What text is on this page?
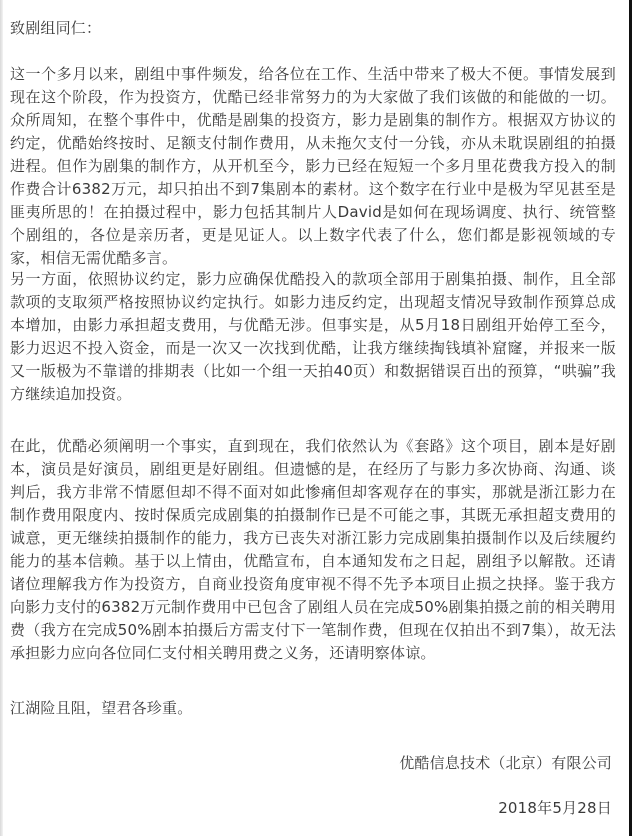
致剧组同仁：

这一个多月以来，剧组中事件频发，给各位在工作、生活中带来了极大不便。事情发展到现在这个阶段，作为投资方，优酷已经非常努力的为大家做了我们该做的和能做的一切。众所周知，在整个事件中，优酷是剧集的投资方，影力是剧集的制作方。根据双方协议的约定，优酷始终按时、足额支付制作费用，从未拖欠支付一分钱，亦从未耽误剧组的拍摄进程。但作为剧集的制作方，从开机至今，影力已经在短短一个多月里花费我方投入的制作费合计6382万元，却只拍出不到7集剧本的素材。这个数字在行业中是极为罕见甚至是匪夷所思的！在拍摄过程中，影力包括其制片人David是如何在现场调度、执行、统管整个剧组的，各位是亲历者，更是见证人。以上数字代表了什么，您们都是影视领域的专家，相信无需优酷多言。

另一方面，依照协议约定，影力应确保优酷投入的款项全部用于剧集拍摄、制作，且全部款项的支取须严格按照协议约定执行。如影力违反约定，出现超支情况导致制作预算总成本增加，由影力承担超支费用，与优酷无涉。但事实是，从5月18日剧组开始停工至今，影力迟迟不投入资金，而是一次又一次找到优酷，让我方继续掏钱填补窟窿，并报来一版又一版极为不靠谱的排期表（比如一个组一天拍40页）和数据错误百出的预算，“哄骗”我方继续追加投资。

在此，优酷必须阐明一个事实，直到现在，我们依然认为《套路》这个项目，剧本是好剧本，演员是好演员，剧组更是好剧组。但遗憾的是，在经历了与影力多次协商、沟通、谈判后，我方非常不情愿但却不得不面对如此惨痛但却客观存在的事实，那就是浙江影力在制作费用限度内、按时保质完成剧集的拍摄制作已是不可能之事，其既无承担超支费用的诚意，更无继续拍摄制作的能力，我方已丧失对浙江影力完成剧集拍摄制作以及后续履约能力的基本信赖。基于以上情由，优酷宣布，自本通知发布之日起，剧组予以解散。还请诸位理解我方作为投资方，自商业投资角度审视不得不先予本项目止损之抉择。鉴于我方向影力支付的6382万元制作费用中已包含了剧组人员在完成50%剧集拍摄之前的相关聘用费（我方在完成50%剧本拍摄后方需支付下一笔制作费，但现在仅拍出不到7集），故无法承担影力应向各位同仁支付相关聘用费之义务，还请明察体谅。

江湖险且阻，望君各珍重。
优酷信息技术（北京）有限公司
2018年5月28日
